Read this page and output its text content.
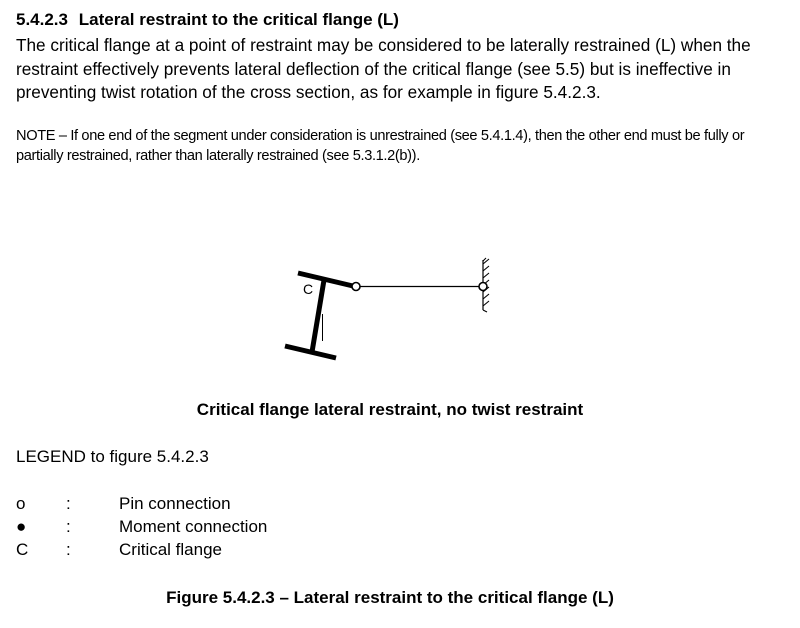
5.4.2.3 Lateral restraint to the critical flange (L)
The critical flange at a point of restraint may be considered to be laterally restrained (L) when the restraint effectively prevents lateral deflection of the critical flange (see 5.5) but is ineffective in preventing twist rotation of the cross section, as for example in figure 5.4.2.3.
NOTE – If one end of the segment under consideration is unrestrained (see 5.4.1.4), then the other end must be fully or partially restrained, rather than laterally restrained (see 5.3.1.2(b)).
C
Critical flange lateral restraint, no twist restraint
LEGEND to figure 5.4.2.3
o :	Pin connection
● :	Moment connection
C :	Critical flange
Figure 5.4.2.3 – Lateral restraint to the critical flange (L)
